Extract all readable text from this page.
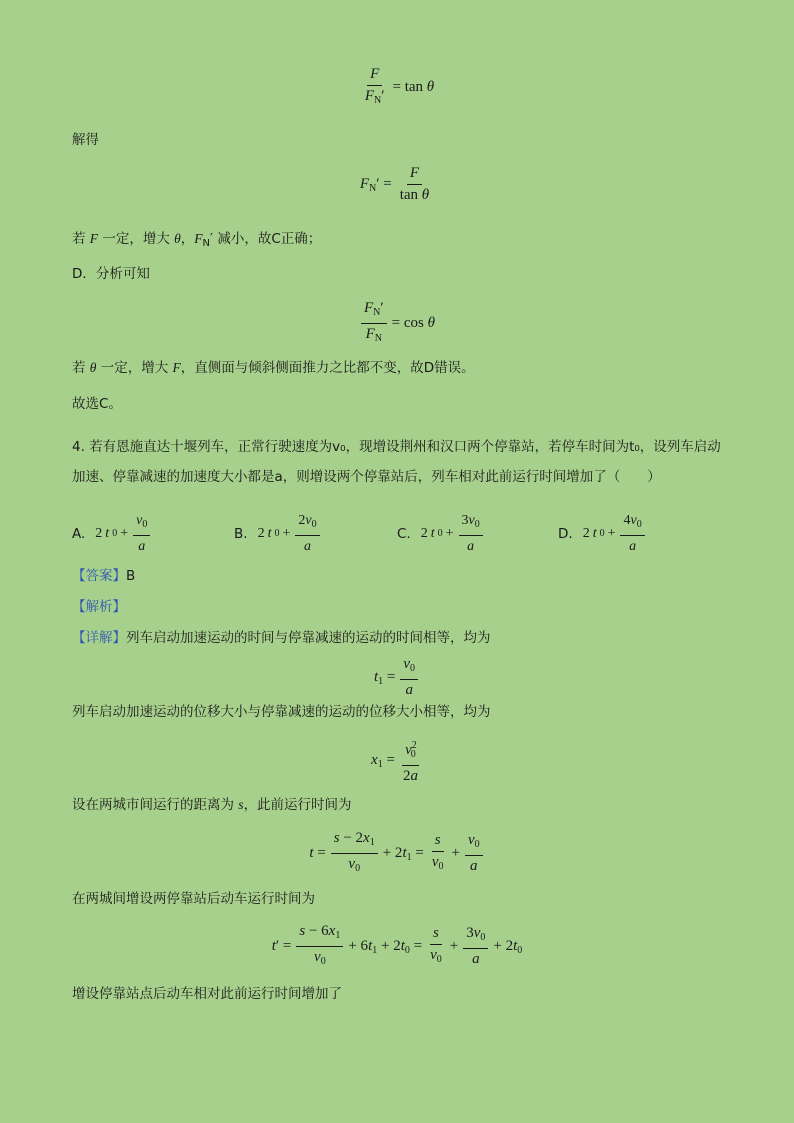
$\frac{F}{F_N'} = \tan \theta$
解得
$F_N' = \frac{F}{\text{tan θ}}$
若 F 一定，增大 θ，$F_N'$ 减小，故C正确；
D．分析可知
$\frac{F_N'}{F_N} = \cos \theta$
若 θ 一定，增大 F，直侧面与倾斜侧面推力之比都不变，故D错误。
故选C。
4. 若有恩施直达十堰列车，正常行驶速度为v₀，现增设荆州和汉口两个停靠站，若停车时间为t₀，设列车启动加速、停靠减速的加速度大小都是a，则增设两个停靠站后，列车相对此前运行时间增加了（　　）
A. 2 t $0 + \frac{v_0}{a}$	B. 2 t $0 + \frac{2v_0}{a}$	C. 2 t $0 + \frac{3v_0}{a}$	D. 2 t $0 + \frac{4v_0}{a}$
【答案】B
【解析】
【详解】列车启动加速运动的时间与停靠减速的运动的时间相等，均为
$t_1 = \frac{v_0}{a}$
列车启动加速运动的位移大小与停靠减速的运动的位移大小相等，均为
$x_1 = \frac{v^2_0}{2a}$
设在两城市间运行的距离为 s，此前运行时间为
$t = \frac{s - 2x_1}{v_0} + 2t_1 = \frac{s}{v_0} + \frac{v_0}{a}$
在两城间增设两停靠站后动车运行时间为
$t' = \frac{s - 6x_1}{v_0} + 6t_1 + 2t_0 = \frac{s}{v_0} + \frac{3v_0}{a} + 2t_0$
增设停靠站点后动车相对此前运行时间增加了
